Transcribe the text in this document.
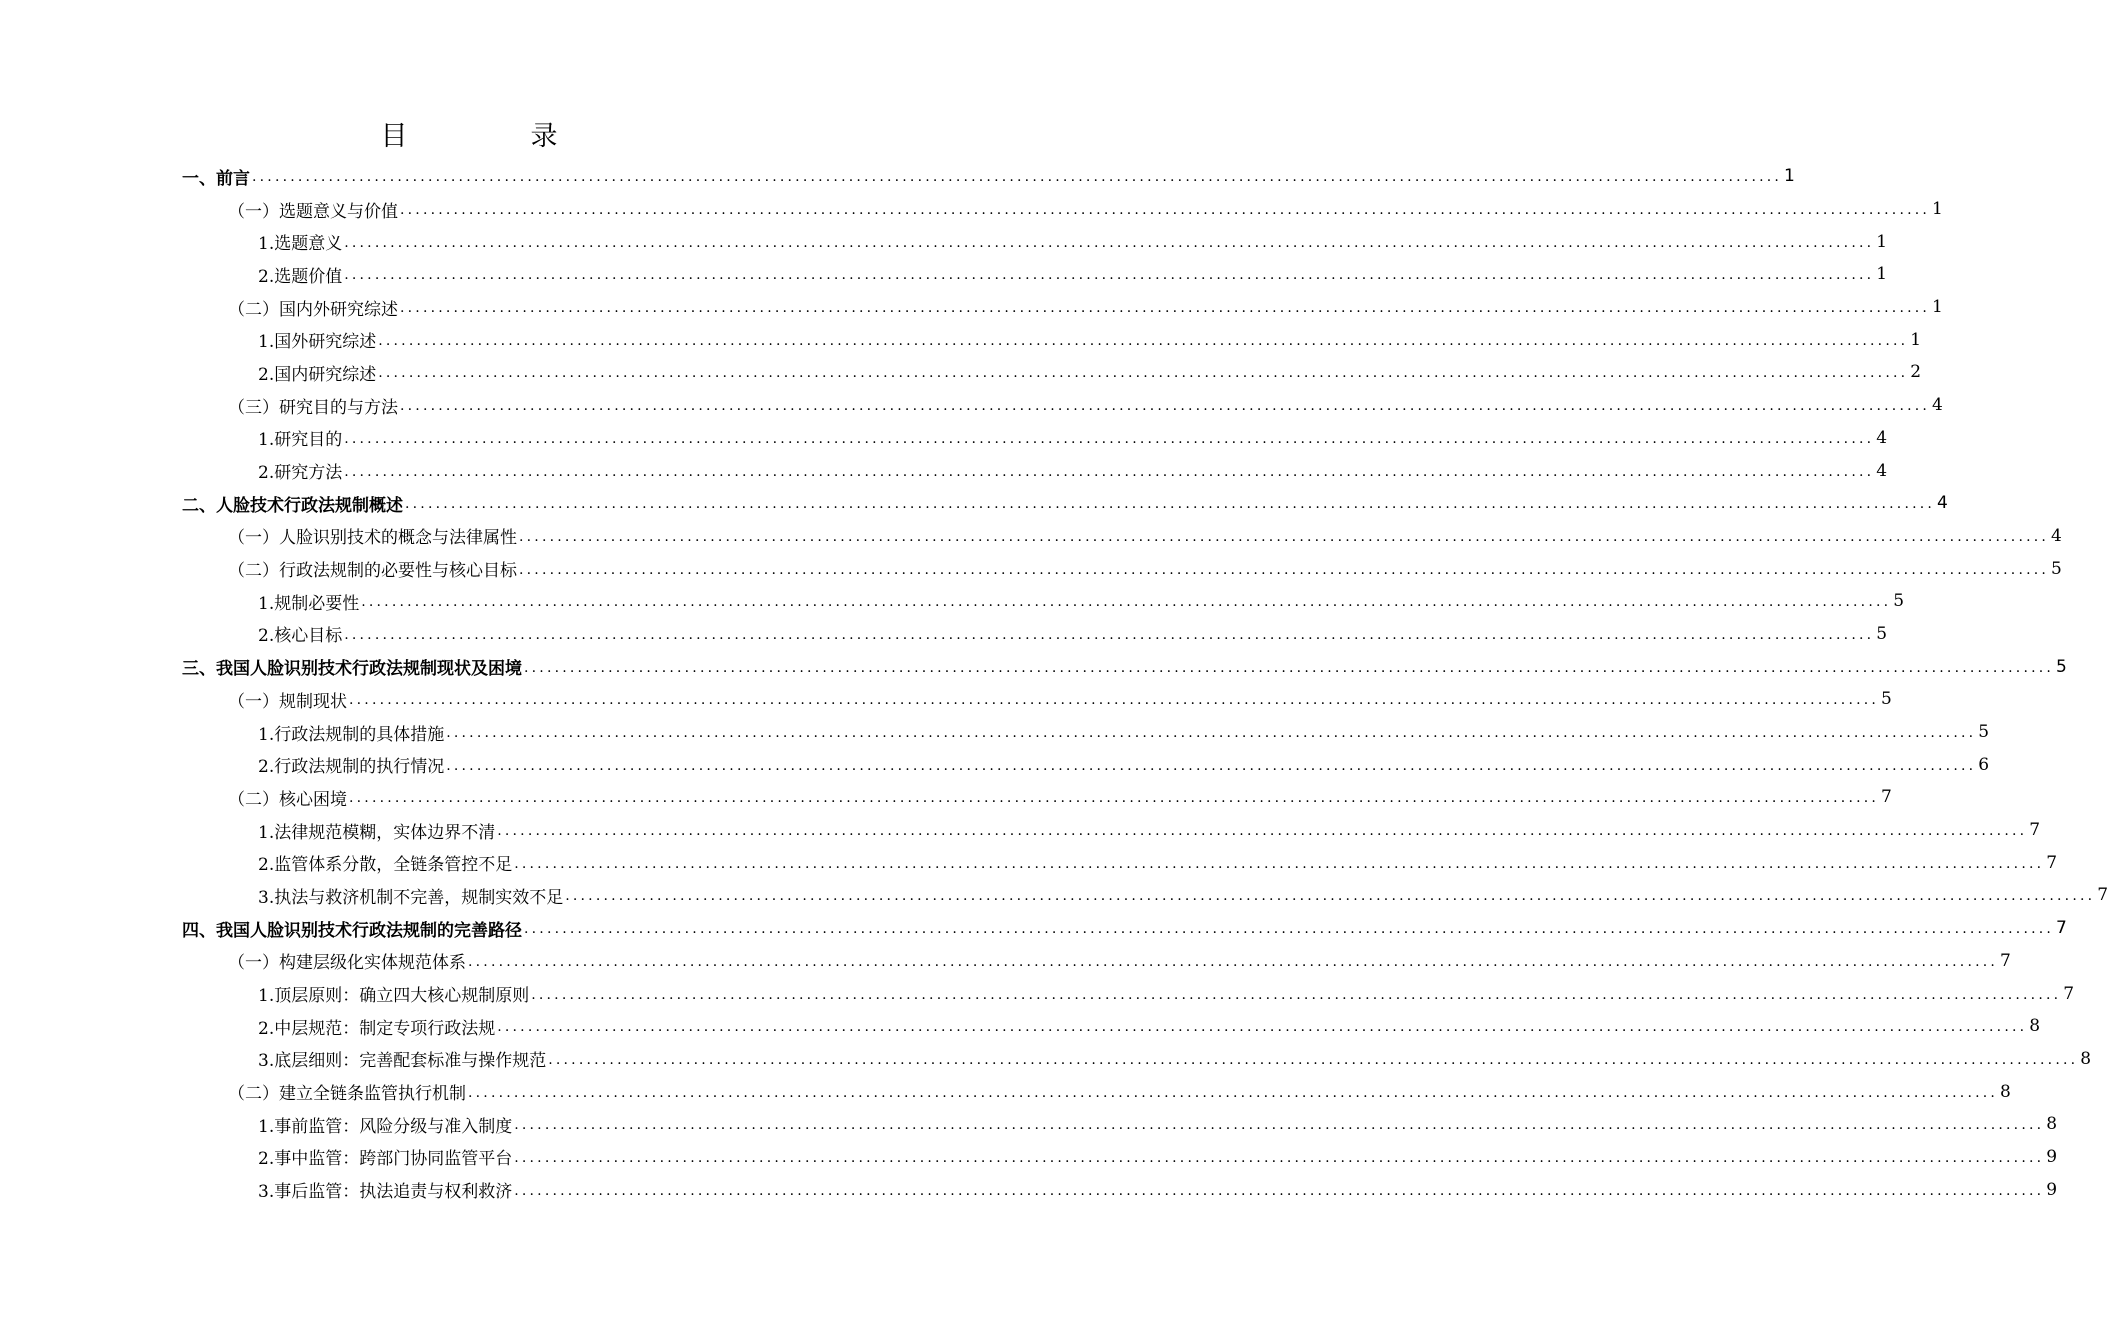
目　录
一、前言 ........................................................................................................................................................................................................ 1
（一）选题意义与价值 ........................................................................................................................................................................................................ 1
1.选题意义 ........................................................................................................................................................................................................ 1
2.选题价值 ........................................................................................................................................................................................................ 1
（二）国内外研究综述 ........................................................................................................................................................................................................ 1
1.国外研究综述 ........................................................................................................................................................................................................ 1
2.国内研究综述 ........................................................................................................................................................................................................ 2
（三）研究目的与方法 ........................................................................................................................................................................................................ 4
1.研究目的 ........................................................................................................................................................................................................ 4
2.研究方法 ........................................................................................................................................................................................................ 4
二、人脸技术行政法规制概述 ........................................................................................................................................................................................................ 4
（一）人脸识别技术的概念与法律属性 ........................................................................................................................................................................................................ 4
（二）行政法规制的必要性与核心目标 ........................................................................................................................................................................................................ 5
1.规制必要性 ........................................................................................................................................................................................................ 5
2.核心目标 ........................................................................................................................................................................................................ 5
三、我国人脸识别技术行政法规制现状及困境 ........................................................................................................................................................................................................ 5
（一）规制现状 ........................................................................................................................................................................................................ 5
1.行政法规制的具体措施 ........................................................................................................................................................................................................ 5
2.行政法规制的执行情况 ........................................................................................................................................................................................................ 6
（二）核心困境 ........................................................................................................................................................................................................ 7
1.法律规范模糊，实体边界不清 ........................................................................................................................................................................................................ 7
2.监管体系分散，全链条管控不足 ........................................................................................................................................................................................................ 7
3.执法与救济机制不完善，规制实效不足 ........................................................................................................................................................................................................ 7
四、我国人脸识别技术行政法规制的完善路径 ........................................................................................................................................................................................................ 7
（一）构建层级化实体规范体系 ........................................................................................................................................................................................................ 7
1.顶层原则：确立四大核心规制原则 ........................................................................................................................................................................................................ 7
2.中层规范：制定专项行政法规 ........................................................................................................................................................................................................ 8
3.底层细则：完善配套标准与操作规范 ........................................................................................................................................................................................................ 8
（二）建立全链条监管执行机制 ........................................................................................................................................................................................................ 8
1.事前监管：风险分级与准入制度 ........................................................................................................................................................................................................ 8
2.事中监管：跨部门协同监管平台 ........................................................................................................................................................................................................ 9
3.事后监管：执法追责与权利救济 ........................................................................................................................................................................................................ 9
